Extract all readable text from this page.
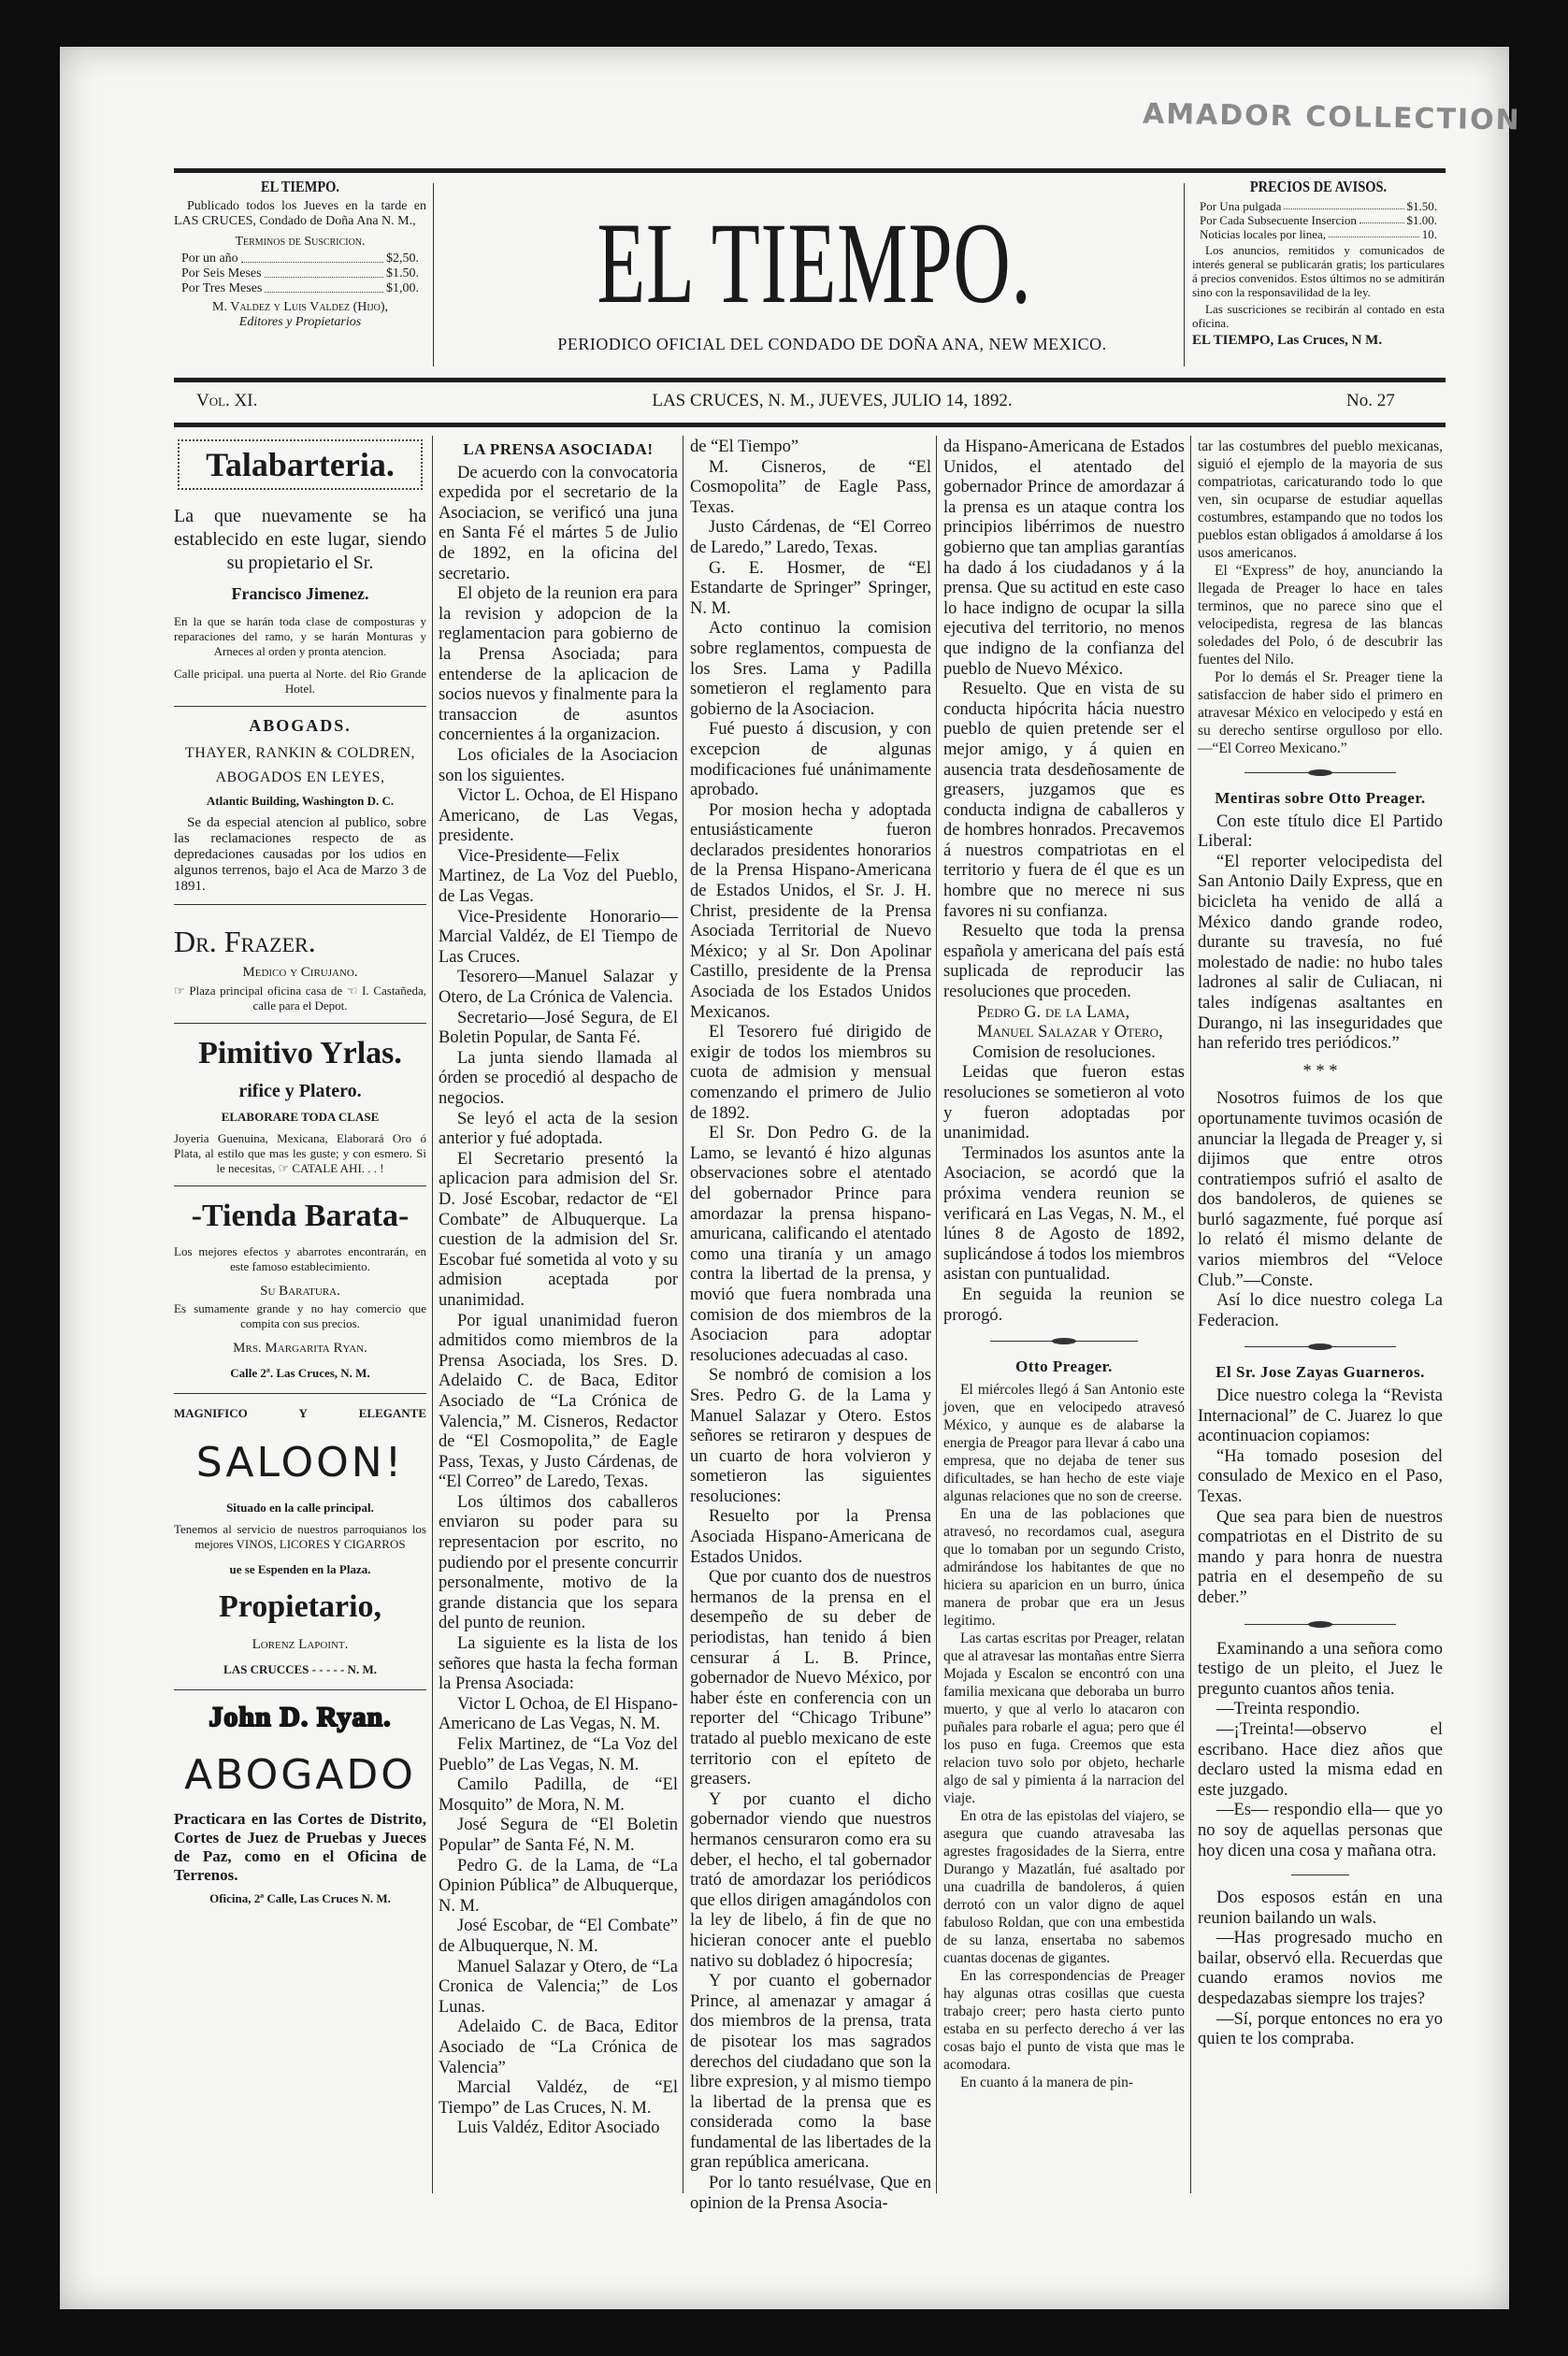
AMADOR COLLECTION
EL TIEMPO.

Publicado todos los Jueves en la tarde en LAS CRUCES, Condado de Doña Ana N. M.,

Terminos de Suscricion.
Por un año	$2,50.
Por Seis Meses	$1.50.
Por Tres Meses	$1,00.
M. Valdez y Luis Valdez (Hijo),
Editores y Propietarios	EL TIEMPO.
PERIODICO OFICIAL DEL CONDADO DE DOÑA ANA, NEW MEXICO.
PRECIOS DE AVISOS.
Por Una pulgada	$1.50.
Por Cada Subsecuente Insercion	$1.00.
Noticias locales por linea,	10.

Los anuncios, remitidos y comunicados de interés general se publicarán gratis; los particulares á precios convenidos. Estos últimos no se admitirán sino con la responsavilidad de la ley.

Las suscriciones se recibirán al contado en esta oficina.

EL TIEMPO, Las Cruces, N M.
Vol. XI.	LAS CRUCES, N. M., JUEVES, JULIO 14, 1892.	No. 27

Talabarteria.

La que nuevamente se ha establecido en este lugar, siendo su propietario el Sr.

Francisco Jimenez.

En la que se harán toda clase de composturas y reparaciones del ramo, y se harán Monturas y Arneces al orden y pronta atencion.

Calle pricipal. una puerta al Norte. del Rio Grande Hotel.

ABOGADS.

THAYER, RANKIN & COLDREN,

ABOGADOS EN LEYES,

Atlantic Building, Washington D. C.

Se da especial atencion al publico, sobre las reclamaciones respecto de as depredaciones causadas por los udios en algunos terrenos, bajo el Aca de Marzo 3 de 1891.

Dr. Frazer.

Medico y Cirujano.

☞ Plaza principal oficina casa de ☜ I. Castañeda, calle para el Depot.

Pimitivo Yrlas.

rifice y Platero.

ELABORARE TODA CLASE

Joyeria Guenuina, Mexicana, Elaborará Oro ó Plata, al estilo que mas les guste; y con esmero. Si le necesitas, ☞ CATALE AHI. . . !

-Tienda Barata-

Los mejores efectos y abarrotes encontrarán, en este famoso establecimiento.

Su Baratura.

Es sumamente grande y no hay comercio que compita con sus precios.

Mrs. Margarita Ryan.

Calle 2ª. Las Cruces, N. M.

MAGNIFICO Y ELEGANTE

SALOON!

Situado en la calle principal.

Tenemos al servicio de nuestros parroquianos los mejores VINOS, LICORES Y CIGARROS

ue se Espenden en la Plaza.

Propietario,

Lorenz Lapoint.

LAS CRUCCES - - - - - N. M.

John D. Ryan.

ABOGADO

Practicara en las Cortes de Distrito, Cortes de Juez de Pruebas y Jueces de Paz, como en el Oficina de Terrenos.

Oficina, 2ª Calle, Las Cruces N. M.

LA PRENSA ASOCIADA!

De acuerdo con la convocatoria expedida por el secretario de la Asociacion, se verificó una juna en Santa Fé el mártes 5 de Julio de 1892, en la oficina del secretario.

El objeto de la reunion era para la revision y adopcion de la reglamentacion para gobierno de la Prensa Asociada; para entenderse de la aplicacion de socios nuevos y finalmente para la transaccion de asuntos concernientes á la organizacion.

Los oficiales de la Asociacion son los siguientes.

Victor L. Ochoa, de El Hispano Americano, de Las Vegas, presidente.

Vice-Presidente—Felix Martinez, de La Voz del Pueblo, de Las Vegas.

Vice-Presidente Honorario—Marcial Valdéz, de El Tiempo de Las Cruces.

Tesorero—Manuel Salazar y Otero, de La Crónica de Valencia.

Secretario—José Segura, de El Boletin Popular, de Santa Fé.

La junta siendo llamada al órden se procedió al despacho de negocios.

Se leyó el acta de la sesion anterior y fué adoptada.

El Secretario presentó la aplicacion para admision del Sr. D. José Escobar, redactor de “El Combate” de Albuquerque. La cuestion de la admision del Sr. Escobar fué sometida al voto y su admision aceptada por unanimidad.

Por igual unanimidad fueron admitidos como miembros de la Prensa Asociada, los Sres. D. Adelaido C. de Baca, Editor Asociado de “La Crónica de Valencia,” M. Cisneros, Redactor de “El Cosmopolita,” de Eagle Pass, Texas, y Justo Cárdenas, de “El Correo” de Laredo, Texas.

Los últimos dos caballeros enviaron su poder para su representacion por escrito, no pudiendo por el presente concurrir personalmente, motivo de la grande distancia que los separa del punto de reunion.

La siguiente es la lista de los señores que hasta la fecha forman la Prensa Asociada:

Victor L Ochoa, de El Hispano-Americano de Las Vegas, N. M.

Felix Martinez, de “La Voz del Pueblo” de Las Vegas, N. M.

Camilo Padilla, de “El Mosquito” de Mora, N. M.

José Segura de “El Boletin Popular” de Santa Fé, N. M.

Pedro G. de la Lama, de “La Opinion Pública” de Albuquerque, N. M.

José Escobar, de “El Combate” de Albuquerque, N. M.

Manuel Salazar y Otero, de “La Cronica de Valencia;” de Los Lunas.

Adelaido C. de Baca, Editor Asociado de “La Crónica de Valencia”

Marcial Valdéz, de “El Tiempo” de Las Cruces, N. M.

Luis Valdéz, Editor Asociado

de “El Tiempo”

M. Cisneros, de “El Cosmopolita” de Eagle Pass, Texas.

Justo Cárdenas, de “El Correo de Laredo,” Laredo, Texas.

G. E. Hosmer, de “El Estandarte de Springer” Springer, N. M.

Acto continuo la comision sobre reglamentos, compuesta de los Sres. Lama y Padilla sometieron el reglamento para gobierno de la Asociacion.

Fué puesto á discusion, y con excepcion de algunas modificaciones fué unánimamente aprobado.

Por mosion hecha y adoptada entusiásticamente fueron declarados presidentes honorarios de la Prensa Hispano-Americana de Estados Unidos, el Sr. J. H. Christ, presidente de la Prensa Asociada Territorial de Nuevo México; y al Sr. Don Apolinar Castillo, presidente de la Prensa Asociada de los Estados Unidos Mexicanos.

El Tesorero fué dirigido de exigir de todos los miembros su cuota de admision y mensual comenzando el primero de Julio de 1892.

El Sr. Don Pedro G. de la Lamo, se levantó é hizo algunas observaciones sobre el atentado del gobernador Prince para amordazar la prensa hispano-amuricana, calificando el atentado como una tiranía y un amago contra la libertad de la prensa, y movió que fuera nombrada una comision de dos miembros de la Asociacion para adoptar resoluciones adecuadas al caso.

Se nombró de comision a los Sres. Pedro G. de la Lama y Manuel Salazar y Otero. Estos señores se retiraron y despues de un cuarto de hora volvieron y sometieron las siguientes resoluciones:

Resuelto por la Prensa Asociada Hispano-Americana de Estados Unidos.

Que por cuanto dos de nuestros hermanos de la prensa en el desempeño de su deber de periodistas, han tenido á bien censurar á L. B. Prince, gobernador de Nuevo México, por haber éste en conferencia con un reporter del “Chicago Tribune” tratado al pueblo mexicano de este territorio con el epíteto de greasers.

Y por cuanto el dicho gobernador viendo que nuestros hermanos censuraron como era su deber, el hecho, el tal gobernador trató de amordazar los periódicos que ellos dirigen amagándolos con la ley de libelo, á fin de que no hicieran conocer ante el pueblo nativo su dobladez ó hipocresía;

Y por cuanto el gobernador Prince, al amenazar y amagar á dos miembros de la prensa, trata de pisotear los mas sagrados derechos del ciudadano que son la libre expresion, y al mismo tiempo la libertad de la prensa que es considerada como la base fundamental de las libertades de la gran república americana.

Por lo tanto resuélvase, Que en opinion de la Prensa Asocia-

da Hispano-Americana de Estados Unidos, el atentado del gobernador Prince de amordazar á la prensa es un ataque contra los principios libérrimos de nuestro gobierno que tan amplias garantías ha dado á los ciudadanos y á la prensa. Que su actitud en este caso lo hace indigno de ocupar la silla ejecutiva del territorio, no menos que indigno de la confianza del pueblo de Nuevo México.

Resuelto. Que en vista de su conducta hipócrita hácia nuestro pueblo de quien pretende ser el mejor amigo, y á quien en ausencia trata desdeñosamente de greasers, juzgamos que es conducta indigna de caballeros y de hombres honrados. Precavemos á nuestros compatriotas en el territorio y fuera de él que es un hombre que no merece ni sus favores ni su confianza.

Resuelto que toda la prensa española y americana del país está suplicada de reproducir las resoluciones que proceden.

Pedro G. de la Lama,

Manuel Salazar y Otero,

Comision de resoluciones.

Leidas que fueron estas resoluciones se sometieron al voto y fueron adoptadas por unanimidad.

Terminados los asuntos ante la Asociacion, se acordó que la próxima vendera reunion se verificará en Las Vegas, N. M., el lúnes 8 de Agosto de 1892, suplicándose á todos los miembros asistan con puntualidad.

En seguida la reunion se prorogó.

Otto Preager.

El miércoles llegó á San Antonio este joven, que en velocipedo atravesó México, y aunque es de alabarse la energia de Preagor para llevar á cabo una empresa, que no dejaba de tener sus dificultades, se han hecho de este viaje algunas relaciones que no son de creerse.

En una de las poblaciones que atravesó, no recordamos cual, asegura que lo tomaban por un segundo Cristo, admirándose los habitantes de que no hiciera su aparicion en un burro, única manera de probar que era un Jesus legitimo.

Las cartas escritas por Preager, relatan que al atravesar las montañas entre Sierra Mojada y Escalon se encontró con una familia mexicana que deboraba un burro muerto, y que al verlo lo atacaron con puñales para robarle el agua; pero que él los puso en fuga. Creemos que esta relacion tuvo solo por objeto, hecharle algo de sal y pimienta á la narracion del viaje.

En otra de las epistolas del viajero, se asegura que cuando atravesaba las agrestes fragosidades de la Sierra, entre Durango y Mazatlán, fué asaltado por una cuadrilla de bandoleros, á quien derrotó con un valor digno de aquel fabuloso Roldan, que con una embestida de su lanza, ensertaba no sabemos cuantas docenas de gigantes.

En las correspondencias de Preager hay algunas otras cosillas que cuesta trabajo creer; pero hasta cierto punto estaba en su perfecto derecho á ver las cosas bajo el punto de vista que mas le acomodara.

En cuanto á la manera de pin-

tar las costumbres del pueblo mexicanas, siguió el ejemplo de la mayoria de sus compatriotas, caricaturando todo lo que ven, sin ocuparse de estudiar aquellas costumbres, estampando que no todos los pueblos estan obligados á amoldarse á los usos americanos.

El “Express” de hoy, anunciando la llegada de Preager lo hace en tales terminos, que no parece sino que el velocipedista, regresa de las blancas soledades del Polo, ó de descubrir las fuentes del Nilo.

Por lo demás el Sr. Preager tiene la satisfaccion de haber sido el primero en atravesar México en velocipedo y está en su derecho sentirse orgulloso por ello.—“El Correo Mexicano.”

Mentiras sobre Otto Preager.

Con este título dice El Partido Liberal:

“El reporter velocipedista del San Antonio Daily Express, que en bicicleta ha venido de allá a México dando grande rodeo, durante su travesía, no fué molestado de nadie: no hubo tales ladrones al salir de Culiacan, ni tales indígenas asaltantes en Durango, ni las inseguridades que han referido tres periódicos.”

* * *

Nosotros fuimos de los que oportunamente tuvimos ocasión de anunciar la llegada de Preager y, si dijimos que entre otros contratiempos sufrió el asalto de dos bandoleros, de quienes se burló sagazmente, fué porque así lo relató él mismo delante de varios miembros del “Veloce Club.”—Conste.

Así lo dice nuestro colega La Federacion.

El Sr. Jose Zayas Guarneros.

Dice nuestro colega la “Revista Internacional” de C. Juarez lo que acontinuacion copiamos:

“Ha tomado posesion del consulado de Mexico en el Paso, Texas.

Que sea para bien de nuestros compatriotas en el Distrito de su mando y para honra de nuestra patria en el desempeño de su deber.”

Examinando a una señora como testigo de un pleito, el Juez le pregunto cuantos años tenia.

—Treinta respondio.

—¡Treinta!—observo el escribano. Hace diez años que declaro usted la misma edad en este juzgado.

—Es— respondio ella— que yo no soy de aquellas personas que hoy dicen una cosa y mañana otra.

Dos esposos están en una reunion bailando un wals.

—Has progresado mucho en bailar, observó ella. Recuerdas que cuando eramos novios me despedazabas siempre los trajes?

—Sí, porque entonces no era yo quien te los compraba.
